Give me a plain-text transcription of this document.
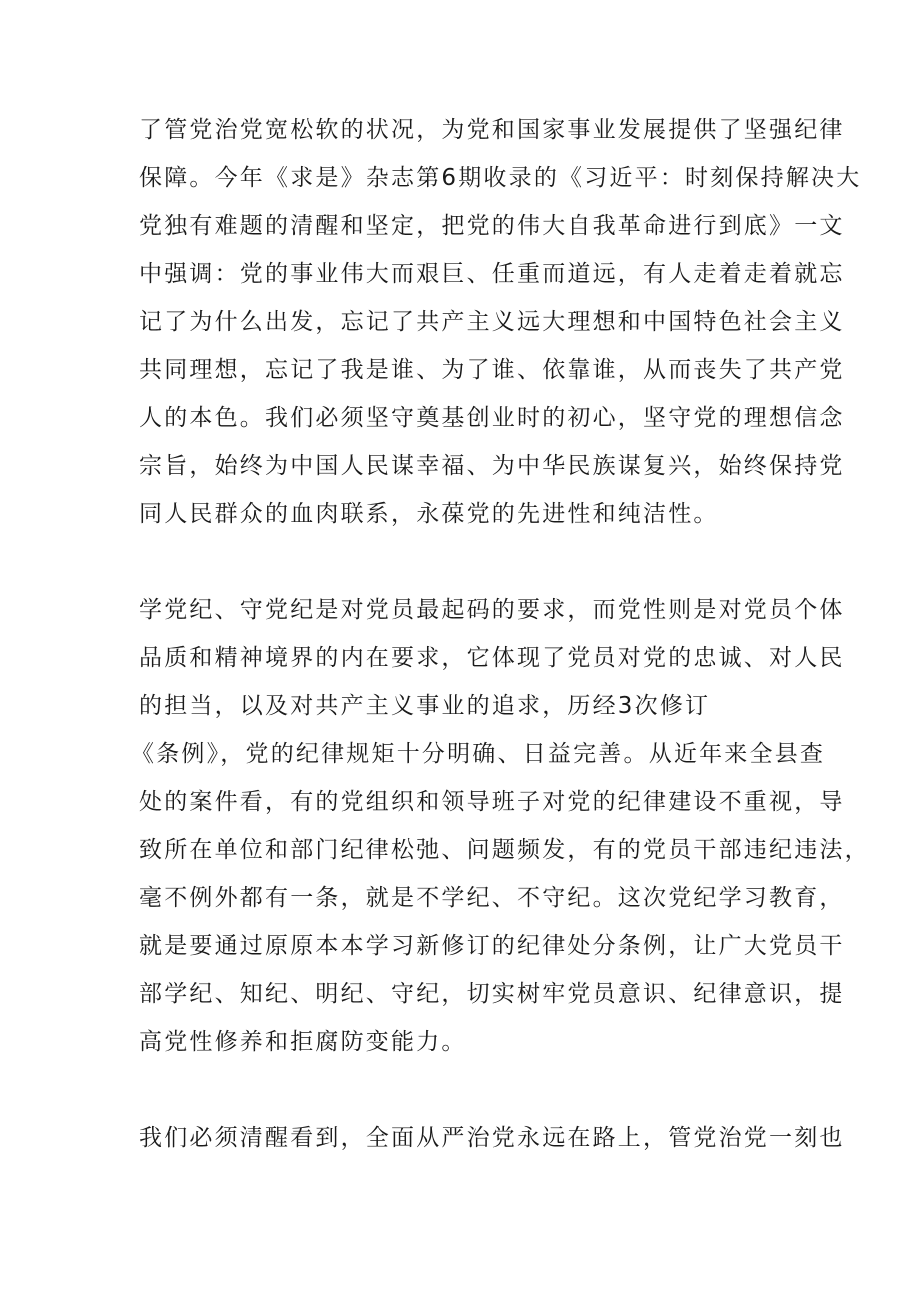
了管党治党宽松软的状况，为党和国家事业发展提供了坚强纪律
保障。今年《求是》杂志第6期收录的《习近平：时刻保持解决大
党独有难题的清醒和坚定，把党的伟大自我革命进行到底》一文
中强调：党的事业伟大而艰巨、任重而道远，有人走着走着就忘
记了为什么出发，忘记了共产主义远大理想和中国特色社会主义
共同理想，忘记了我是谁、为了谁、依靠谁，从而丧失了共产党
人的本色。我们必须坚守奠基创业时的初心，坚守党的理想信念
宗旨，始终为中国人民谋幸福、为中华民族谋复兴，始终保持党
同人民群众的血肉联系，永葆党的先进性和纯洁性。
学党纪、守党纪是对党员最起码的要求，而党性则是对党员个体
品质和精神境界的内在要求，它体现了党员对党的忠诚、对人民
的担当，以及对共产主义事业的追求，历经3次修订
《条例》，党的纪律规矩十分明确、日益完善。从近年来全县查
处的案件看，有的党组织和领导班子对党的纪律建设不重视，导
致所在单位和部门纪律松弛、问题频发，有的党员干部违纪违法，
毫不例外都有一条，就是不学纪、不守纪。这次党纪学习教育，
就是要通过原原本本学习新修订的纪律处分条例，让广大党员干
部学纪、知纪、明纪、守纪，切实树牢党员意识、纪律意识，提
高党性修养和拒腐防变能力。
我们必须清醒看到，全面从严治党永远在路上，管党治党一刻也
